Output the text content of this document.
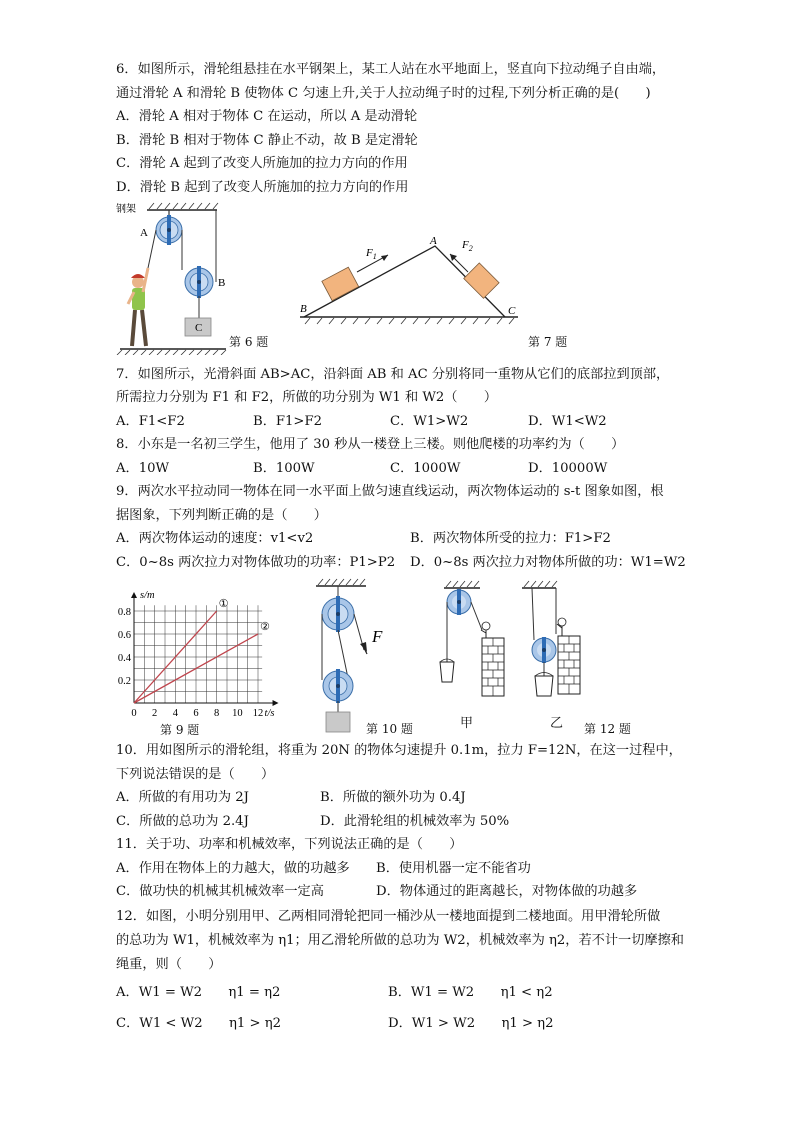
6．如图所示，滑轮组悬挂在水平钢架上，某工人站在水平地面上，竖直向下拉动绳子自由端，
通过滑轮 A 和滑轮 B 使物体 C 匀速上升,关于人拉动绳子时的过程,下列分析正确的是(　　)
A．滑轮 A 相对于物体 C 在运动，所以 A 是动滑轮
B．滑轮 B 相对于物体 C 静止不动，故 B 是定滑轮
C．滑轮 A 起到了改变人所施加的拉力方向的作用
D．滑轮 B 起到了改变人所施加的拉力方向的作用
钢架
A
B
C
第 6 题
$F_1$
$F_2$
A
B	C
第 7 题
7．如图所示，光滑斜面 AB>AC，沿斜面 AB 和 AC 分别将同一重物从它们的底部拉到顶部，
所需拉力分别为 F1 和 F2，所做的功分别为 W1 和 W2（　　）
A．F1<F2	B．F1>F2	C．W1>W2	D．W1<W2
8．小东是一名初三学生，他用了 30 秒从一楼登上三楼。则他爬楼的功率约为（　　）
A．10W	B．100W	C．1000W	D．10000W
9．两次水平拉动同一物体在同一水平面上做匀速直线运动，两次物体运动的 s-t 图象如图，根
据图象，下列判断正确的是（　　）
A．两次物体运动的速度：v1<v2	B．两次物体所受的拉力：F1>F2
C．0~8s 两次拉力对物体做功的功率：P1>P2 D．0~8s 两次拉力对物体所做的功：W1=W2
①
②
0 2 4 6 8 10 12
0.2
0.4
0.6
0.8
s/m
t/s
第 9 题
F
第 10 题	甲	乙 第 12 题
10．用如图所示的滑轮组，将重为 20N 的物体匀速提升 0.1m，拉力 F=12N，在这一过程中，
下列说法错误的是（　　）
A．所做的有用功为 2J	B．所做的额外功为 0.4J
C．所做的总功为 2.4J	D．此滑轮组的机械效率为 50%
11．关于功、功率和机械效率，下列说法正确的是（　　）
A．作用在物体上的力越大，做的功越多 B．使用机器一定不能省功
C．做功快的机械其机械效率一定高	D．物体通过的距离越长，对物体做的功越多
12．如图，小明分别用甲、乙两相同滑轮把同一桶沙从一楼地面提到二楼地面。用甲滑轮所做
的总功为 W1，机械效率为 η1；用乙滑轮所做的总功为 W2，机械效率为 η2，若不计一切摩擦和
绳重，则（　　）
A．W1 = W2　　η1 = η2	B．W1 = W2　　η1 < η2
C．W1 < W2　　η1 > η2	D．W1 > W2　　η1 > η2
